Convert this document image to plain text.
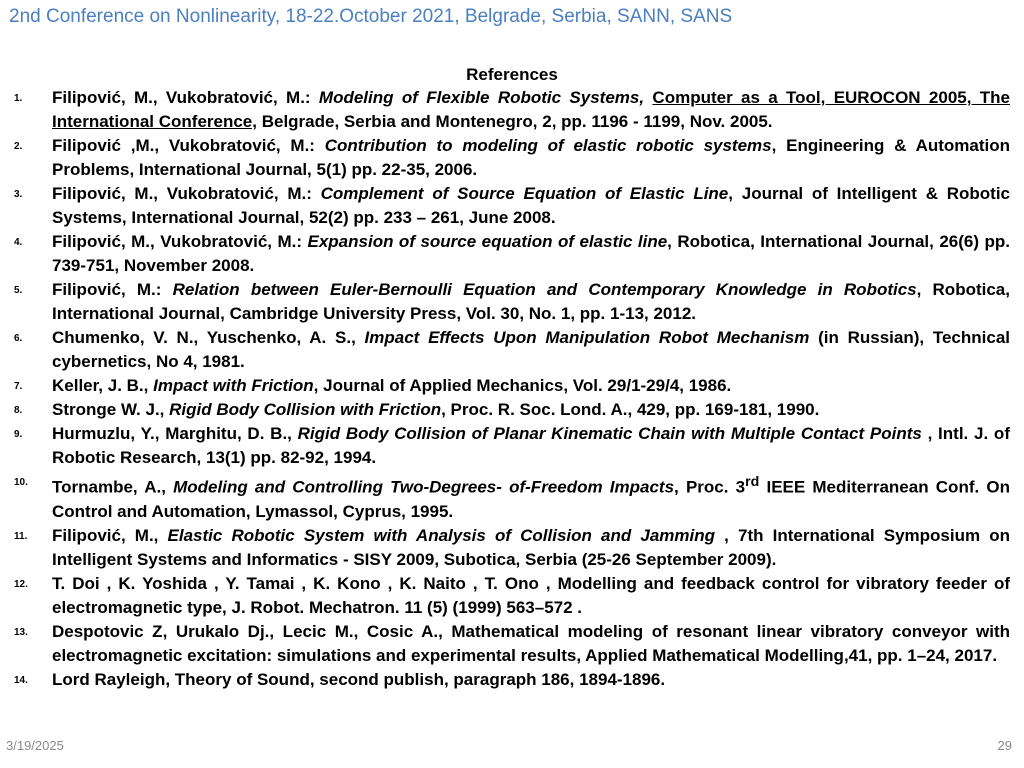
2nd Conference on Nonlinearity, 18-22.October 2021, Belgrade, Serbia, SANN, SANS
References
1. Filipović, M., Vukobratović, M.: Modeling of Flexible Robotic Systems, Computer as a Tool, EUROCON 2005, The International Conference, Belgrade, Serbia and Montenegro, 2, pp. 1196 - 1199, Nov. 2005.
2. Filipović ,M., Vukobratović, M.: Contribution to modeling of elastic robotic systems, Engineering & Automation Problems, International Journal, 5(1) pp. 22-35, 2006.
3. Filipović, M., Vukobratović, M.: Complement of Source Equation of Elastic Line, Journal of Intelligent & Robotic Systems, International Journal, 52(2) pp. 233 – 261, June 2008.
4. Filipović, M., Vukobratović, M.: Expansion of source equation of elastic line, Robotica, International Journal, 26(6) pp. 739-751, November 2008.
5. Filipović, M.: Relation between Euler-Bernoulli Equation and Contemporary Knowledge in Robotics, Robotica, International Journal, Cambridge University Press, Vol. 30, No. 1, pp. 1-13, 2012.
6. Chumenko, V. N., Yuschenko, A. S., Impact Effects Upon Manipulation Robot Mechanism (in Russian), Technical cybernetics, No 4, 1981.
7. Keller, J. B., Impact with Friction, Journal of Applied Mechanics, Vol. 29/1-29/4, 1986.
8. Stronge W. J., Rigid Body Collision with Friction, Proc. R. Soc. Lond. A., 429, pp. 169-181, 1990.
9. Hurmuzlu, Y., Marghitu, D. B., Rigid Body Collision of Planar Kinematic Chain with Multiple Contact Points , Intl. J. of Robotic Research, 13(1) pp. 82-92, 1994.
10. Tornambe, A., Modeling and Controlling Two-Degrees- of-Freedom Impacts, Proc. 3rd IEEE Mediterranean Conf. On Control and Automation, Lymassol, Cyprus, 1995.
11. Filipović, M., Elastic Robotic System with Analysis of Collision and Jamming , 7th International Symposium on Intelligent Systems and Informatics - SISY 2009, Subotica, Serbia (25-26 September 2009).
12. T. Doi , K. Yoshida , Y. Tamai , K. Kono , K. Naito , T. Ono , Modelling and feedback control for vibratory feeder of electromagnetic type, J. Robot. Mechatron. 11 (5) (1999) 563–572 .
13. Despotovic Z, Urukalo Dj., Lecic M., Cosic A., Mathematical modeling of resonant linear vibratory conveyor with electromagnetic excitation: simulations and experimental results, Applied Mathematical Modelling,41, pp. 1–24, 2017.
14. Lord Rayleigh, Theory of Sound, second publish, paragraph 186, 1894-1896.
3/19/2025	29
